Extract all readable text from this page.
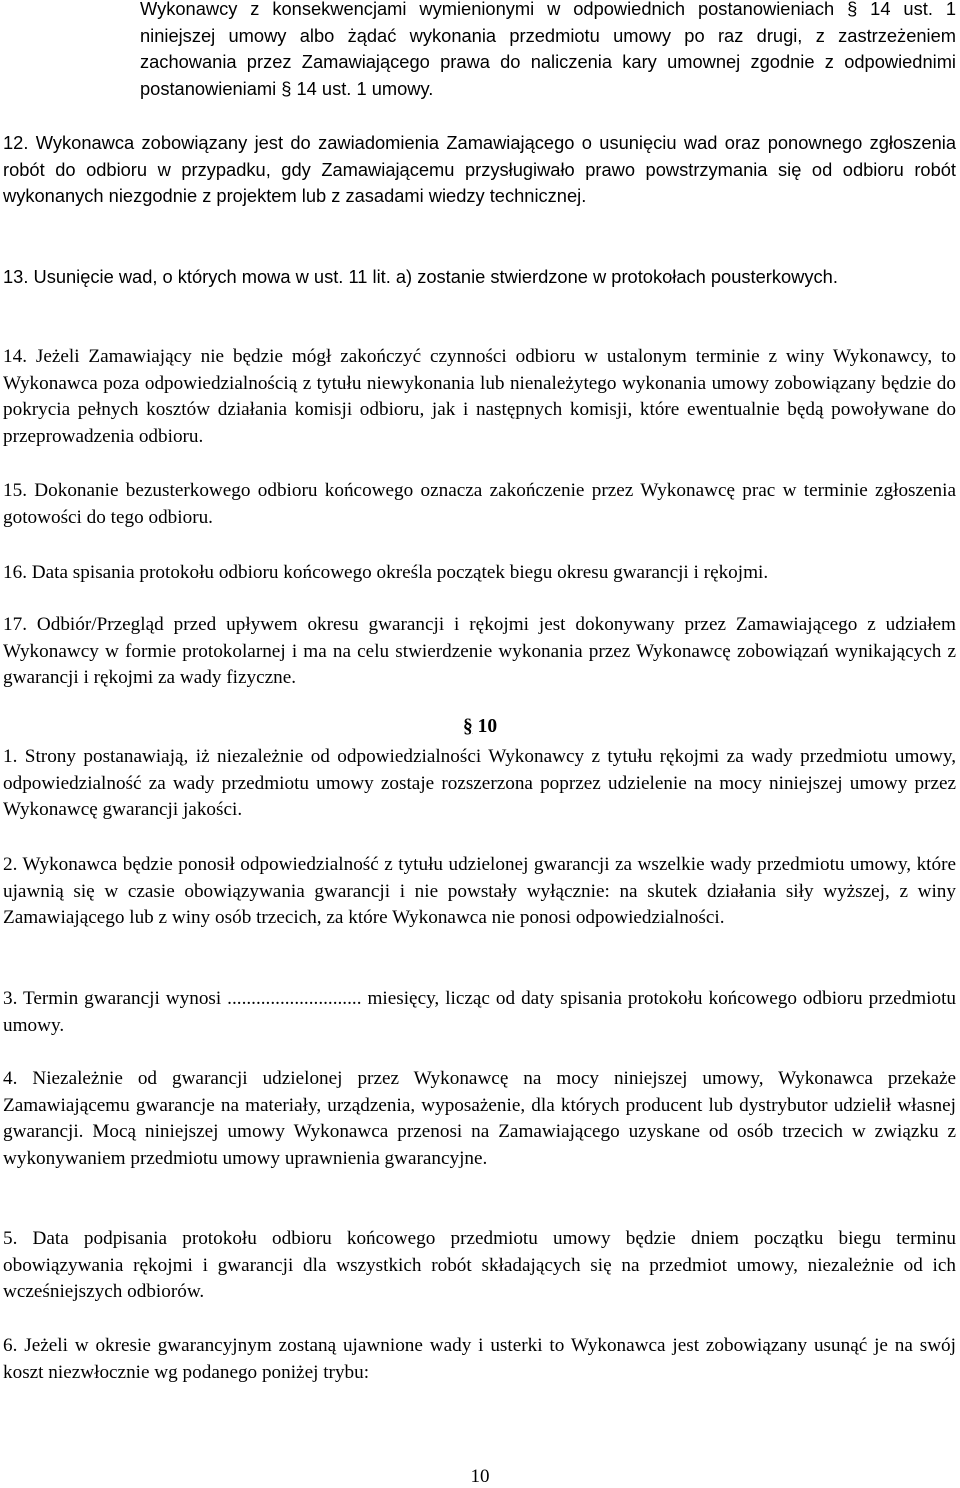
Wykonawcy z konsekwencjami wymienionymi w odpowiednich postanowieniach § 14 ust. 1 niniejszej umowy albo żądać wykonania przedmiotu umowy po raz drugi, z zastrzeżeniem zachowania przez Zamawiającego prawa do naliczenia kary umownej zgodnie z odpowiednimi postanowieniami § 14 ust. 1 umowy.

12. Wykonawca zobowiązany jest do zawiadomienia Zamawiającego o usunięciu wad oraz ponownego zgłoszenia robót do odbioru w przypadku, gdy Zamawiającemu przysługiwało prawo powstrzymania się od odbioru robót wykonanych niezgodnie z projektem lub z zasadami wiedzy technicznej.

13. Usunięcie wad, o których mowa w ust. 11 lit. a) zostanie stwierdzone w protokołach pousterkowych.

14. Jeżeli Zamawiający nie będzie mógł zakończyć czynności odbioru w ustalonym terminie z winy Wykonawcy, to Wykonawca poza odpowiedzialnością z tytułu niewykonania lub nienależytego wykonania umowy zobowiązany będzie do pokrycia pełnych kosztów działania komisji odbioru, jak i następnych komisji, które ewentualnie będą powoływane do przeprowadzenia odbioru.

15. Dokonanie bezusterkowego odbioru końcowego oznacza zakończenie przez Wykonawcę prac w terminie zgłoszenia gotowości do tego odbioru.

16. Data spisania protokołu odbioru końcowego określa początek biegu okresu gwarancji i rękojmi.

17. Odbiór/Przegląd przed upływem okresu gwarancji i rękojmi jest dokonywany przez Zamawiającego z udziałem Wykonawcy w formie protokolarnej i ma na celu stwierdzenie wykonania przez Wykonawcę zobowiązań wynikających z gwarancji i rękojmi za wady fizyczne.

§ 10

1. Strony postanawiają, iż niezależnie od odpowiedzialności Wykonawcy z tytułu rękojmi za wady przedmiotu umowy, odpowiedzialność za wady przedmiotu umowy zostaje rozszerzona poprzez udzielenie na mocy niniejszej umowy przez Wykonawcę gwarancji jakości.

2. Wykonawca będzie ponosił odpowiedzialność z tytułu udzielonej gwarancji za wszelkie wady przedmiotu umowy, które ujawnią się w czasie obowiązywania gwarancji i nie powstały wyłącznie: na skutek działania siły wyższej, z winy Zamawiającego lub z winy osób trzecich, za które Wykonawca nie ponosi odpowiedzialności.

3. Termin gwarancji wynosi ............................ miesięcy, licząc od daty spisania protokołu końcowego odbioru przedmiotu umowy.

4. Niezależnie od gwarancji udzielonej przez Wykonawcę na mocy niniejszej umowy, Wykonawca przekaże Zamawiającemu gwarancje na materiały, urządzenia, wyposażenie, dla których producent lub dystrybutor udzielił własnej gwarancji. Mocą niniejszej umowy Wykonawca przenosi na Zamawiającego uzyskane od osób trzecich w związku z wykonywaniem przedmiotu umowy uprawnienia gwarancyjne.

5. Data podpisania protokołu odbioru końcowego przedmiotu umowy będzie dniem początku biegu terminu obowiązywania rękojmi i gwarancji dla wszystkich robót składających się na przedmiot umowy, niezależnie od ich wcześniejszych odbiorów.

6. Jeżeli w okresie gwarancyjnym zostaną ujawnione wady i usterki to Wykonawca jest zobowiązany usunąć je na swój koszt niezwłocznie wg podanego poniżej trybu:

10
